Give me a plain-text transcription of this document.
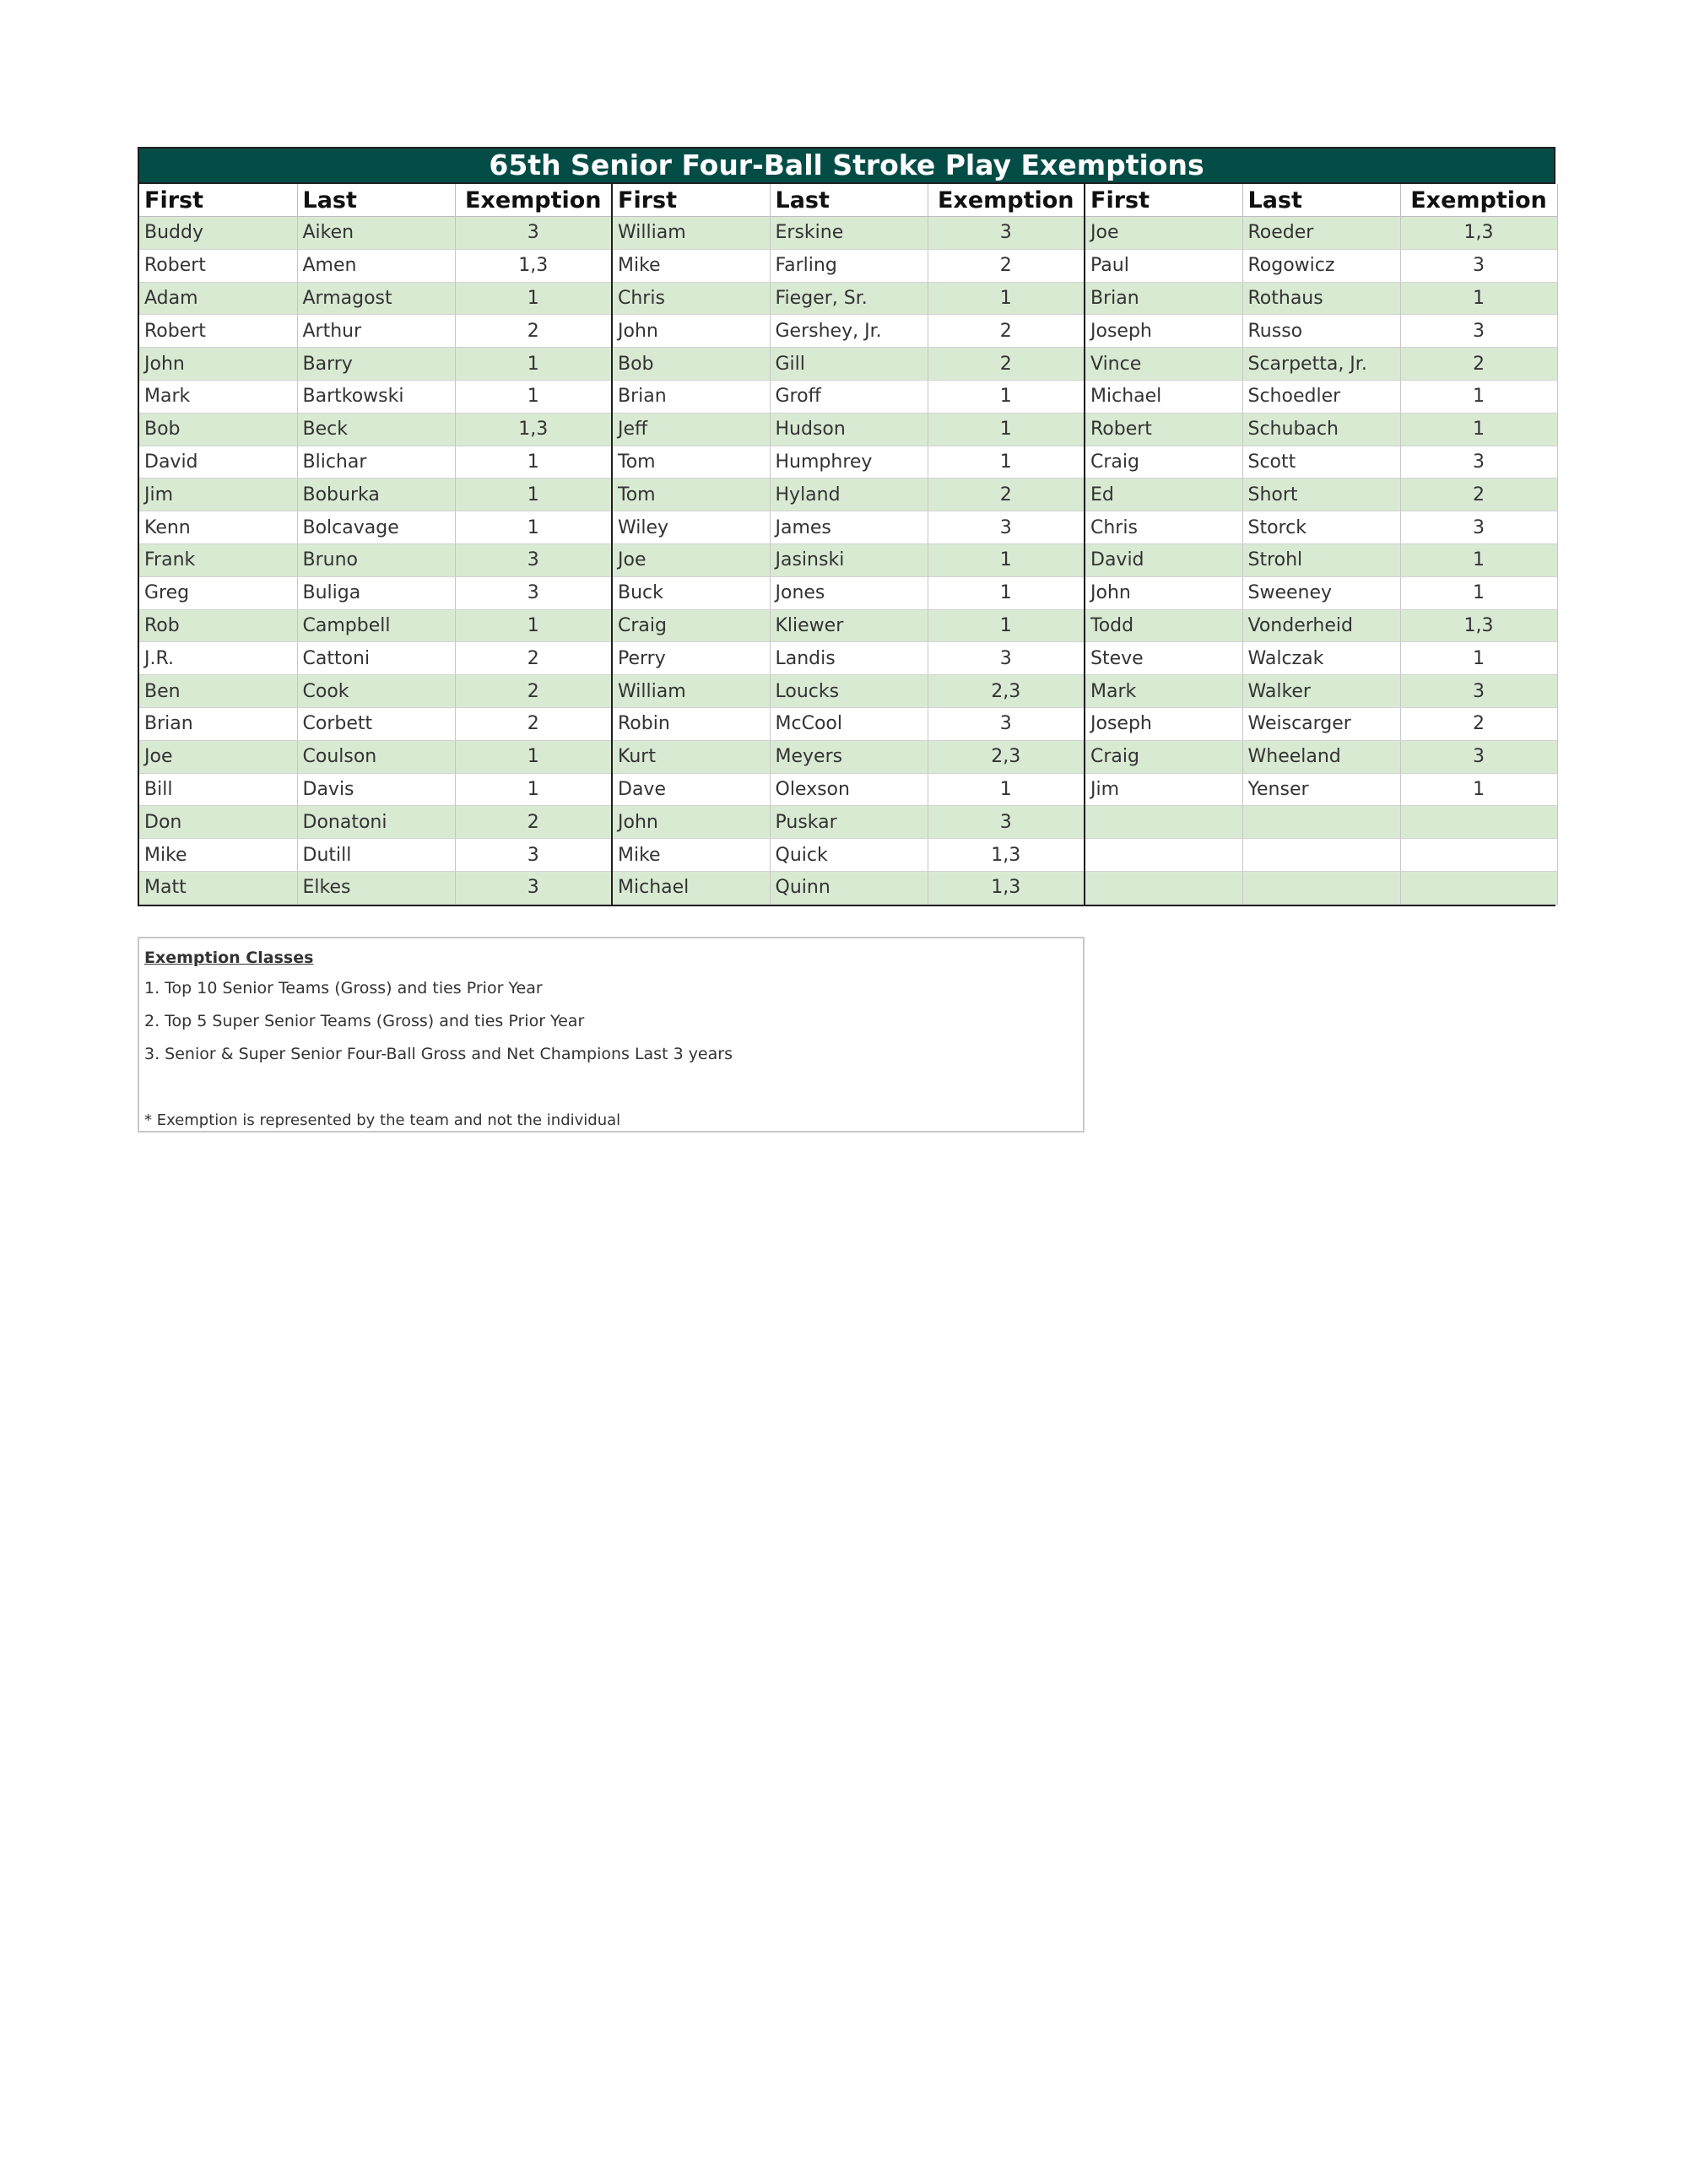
65th Senior Four-Ball Stroke Play Exemptions
First	Last	Exemption	First	Last	Exemption	First	Last	Exemption
Buddy	Aiken	3	William	Erskine	3	Joe	Roeder	1,3
Robert	Amen	1,3	Mike	Farling	2	Paul	Rogowicz	3
Adam	Armagost	1	Chris	Fieger, Sr.	1	Brian	Rothaus	1
Robert	Arthur	2	John	Gershey, Jr.	2	Joseph	Russo	3
John	Barry	1	Bob	Gill	2	Vince	Scarpetta, Jr.	2
Mark	Bartkowski	1	Brian	Groff	1	Michael	Schoedler	1
Bob	Beck	1,3	Jeff	Hudson	1	Robert	Schubach	1
David	Blichar	1	Tom	Humphrey	1	Craig	Scott	3
Jim	Boburka	1	Tom	Hyland	2	Ed	Short	2
Kenn	Bolcavage	1	Wiley	James	3	Chris	Storck	3
Frank	Bruno	3	Joe	Jasinski	1	David	Strohl	1
Greg	Buliga	3	Buck	Jones	1	John	Sweeney	1
Rob	Campbell	1	Craig	Kliewer	1	Todd	Vonderheid	1,3
J.R.	Cattoni	2	Perry	Landis	3	Steve	Walczak	1
Ben	Cook	2	William	Loucks	2,3	Mark	Walker	3
Brian	Corbett	2	Robin	McCool	3	Joseph	Weiscarger	2
Joe	Coulson	1	Kurt	Meyers	2,3	Craig	Wheeland	3
Bill	Davis	1	Dave	Olexson	1	Jim	Yenser	1
Don	Donatoni	2	John	Puskar	3			
Mike	Dutill	3	Mike	Quick	1,3			
Matt	Elkes	3	Michael	Quinn	1,3			
Exemption Classes
1. Top 10 Senior Teams (Gross) and ties Prior Year
2. Top 5 Super Senior Teams (Gross) and ties Prior Year
3. Senior & Super Senior Four-Ball Gross and Net Champions Last 3 years
* Exemption is represented by the team and not the individual
